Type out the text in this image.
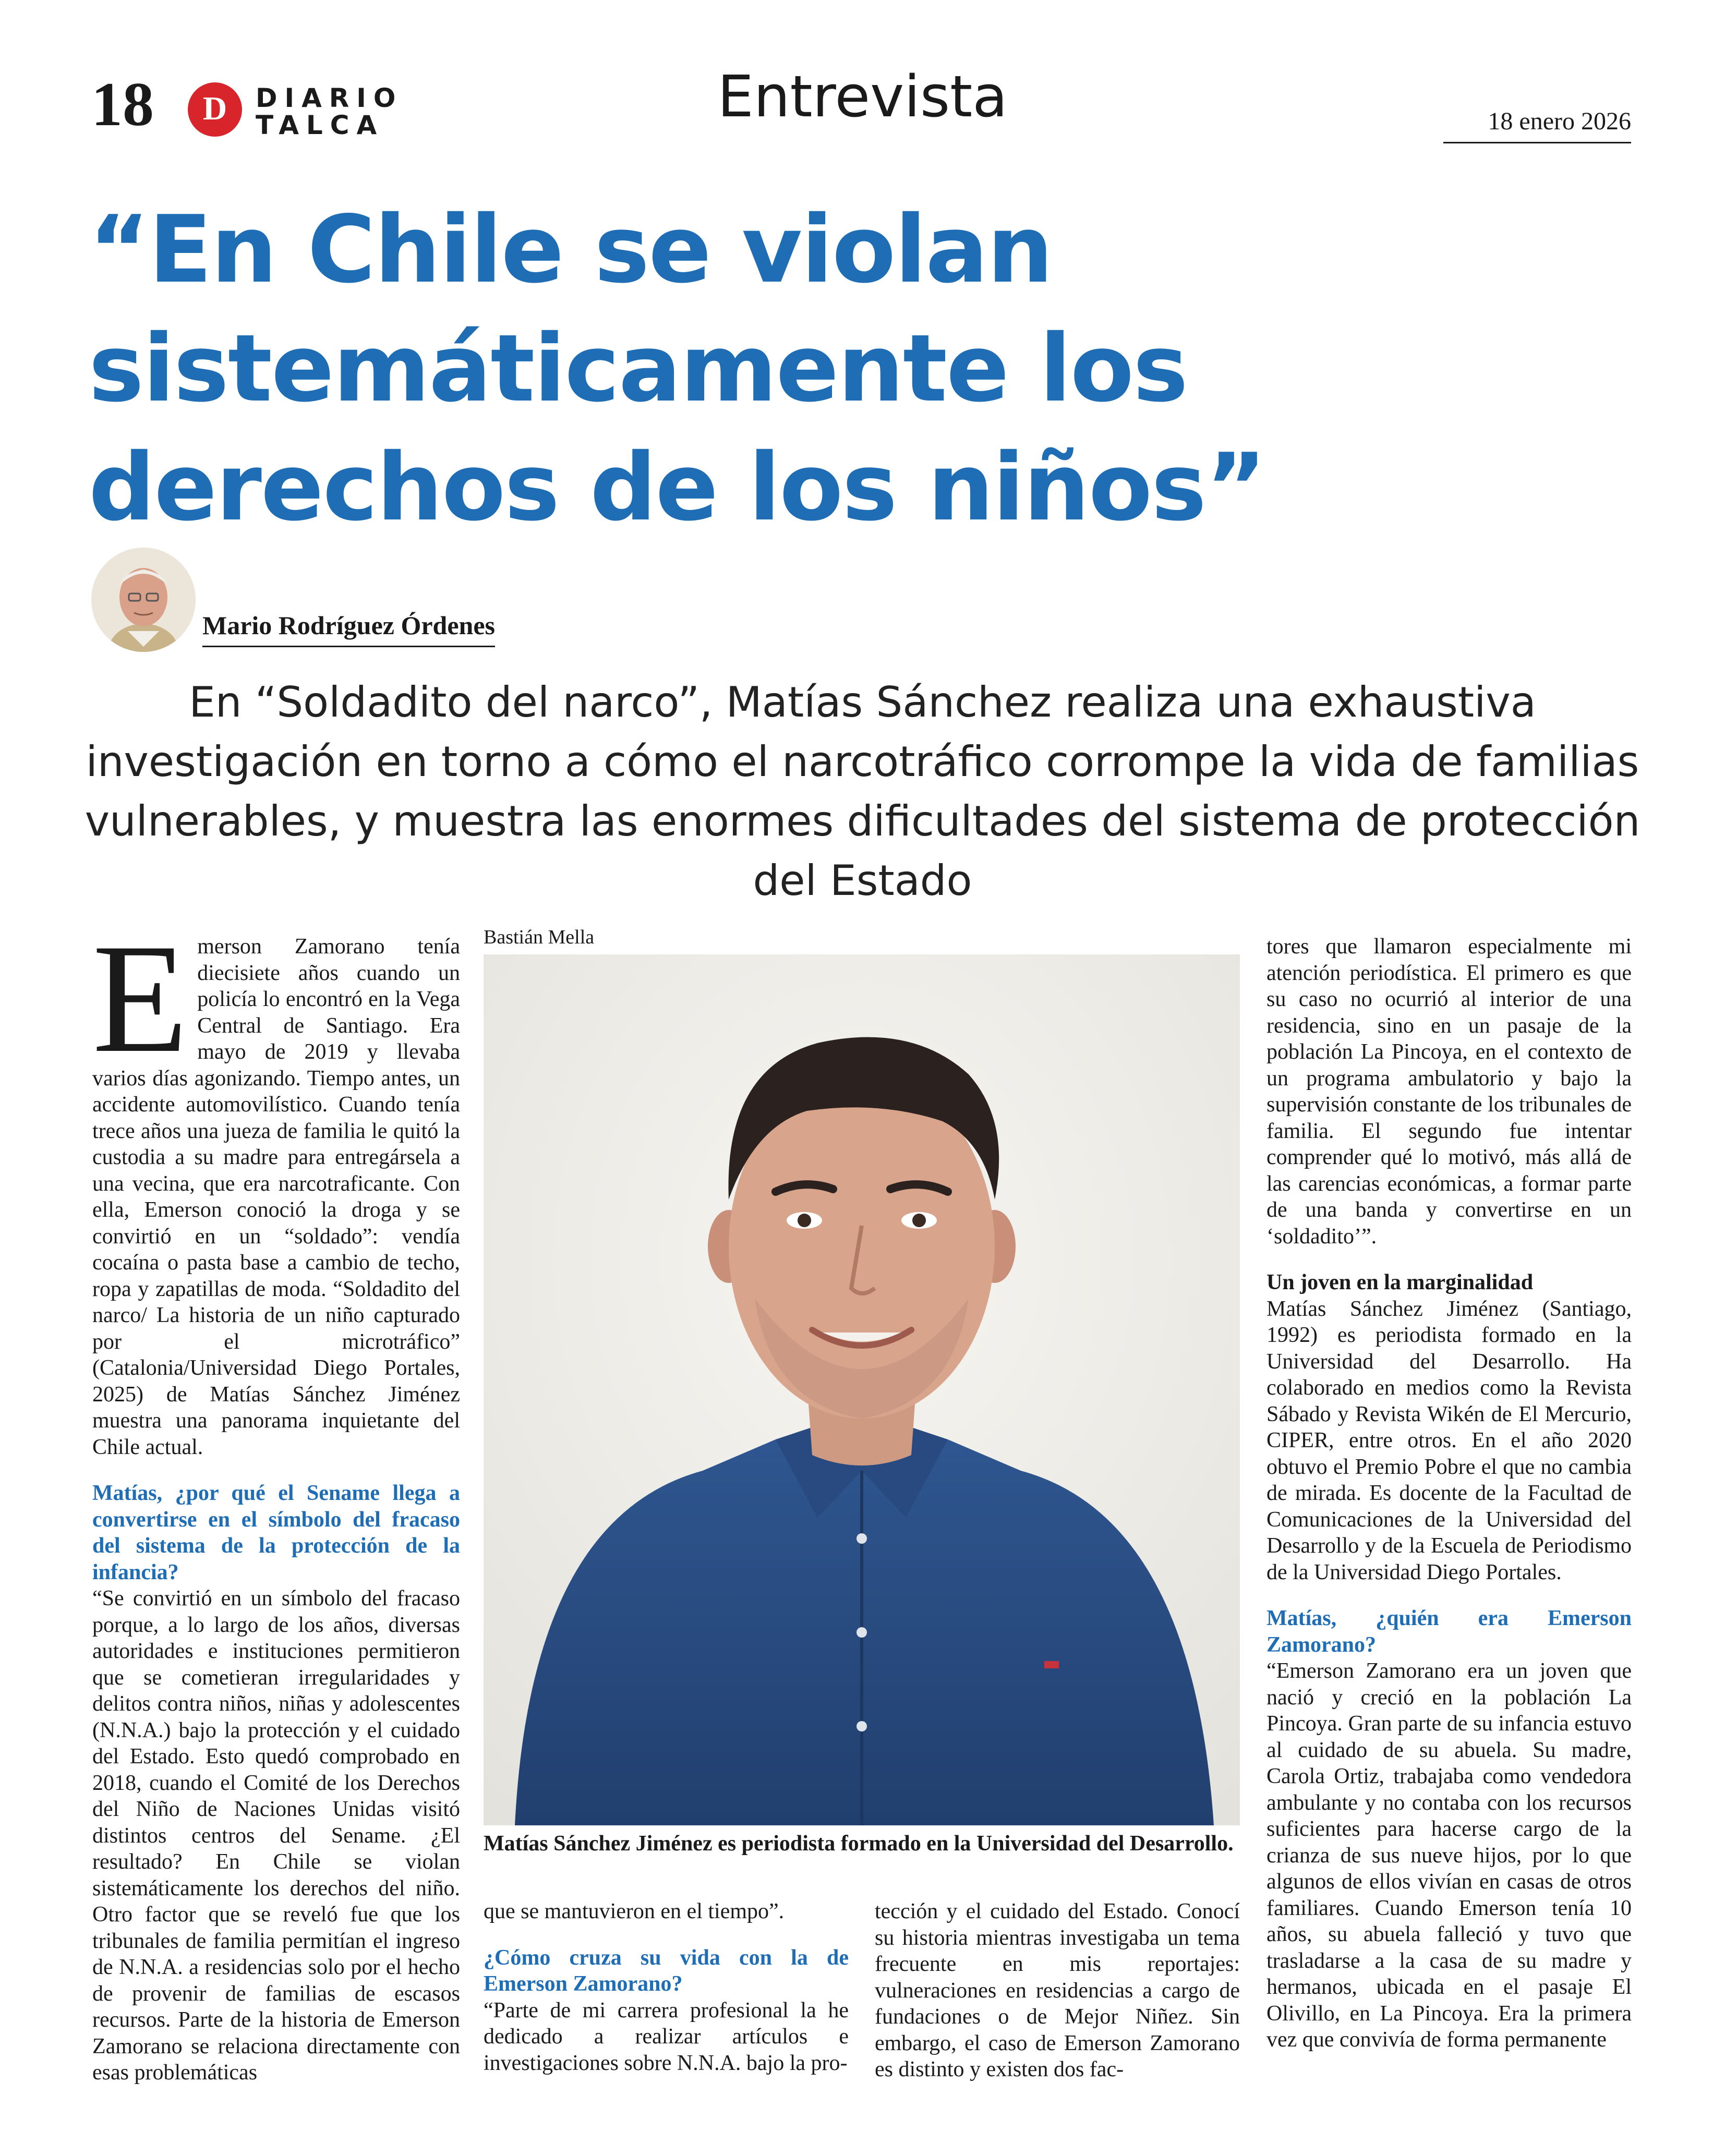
18	D	DIARIO
TALCA	Entrevista	18 enero 2026
“En Chile se violan sistemáticamente los derechos de los niños”
Mario Rodríguez Órdenes
En “Soldadito del narco”, Matías Sánchez realiza una exhaustiva investigación en torno a cómo el narcotráfico corrompe la vida de familias vulnerables, y muestra las enormes dificultades del sistema de protección del Estado
E merson Zamorano tenía diecisiete años cuando un policía lo encontró en la Vega Central de Santiago. Era mayo de 2019 y llevaba varios días agonizando. Tiempo antes, un accidente automovilístico. Cuando tenía trece años una jueza de familia le quitó la custodia a su madre para entregársela a una vecina, que era narcotraficante. Con ella, Emerson conoció la droga y se convirtió en un “soldado”: vendía cocaína o pasta base a cambio de techo, ropa y zapatillas de moda. “Soldadito del narco/ La historia de un niño capturado por el microtráfico” (Catalonia/Universidad Diego Portales, 2025) de Matías Sánchez Jiménez muestra una panorama inquietante del Chile actual.
Matías, ¿por qué el Sename llega a convertirse en el símbolo del fracaso del sistema de la protección de la infancia?
“Se convirtió en un símbolo del fracaso porque, a lo largo de los años, diversas autoridades e instituciones permitieron que se cometieran irregularidades y delitos contra niños, niñas y adolescentes (N.N.A.) bajo la protección y el cuidado del Estado. Esto quedó comprobado en 2018, cuando el Comité de los Derechos del Niño de Naciones Unidas visitó distintos centros del Sename. ¿El resultado? En Chile se violan sistemáticamente los derechos del niño. Otro factor que se reveló fue que los tribunales de familia permitían el ingreso de N.N.A. a residencias solo por el hecho de provenir de familias de escasos recursos. Parte de la historia de Emerson Zamorano se relaciona directamente con esas problemáticas
Bastián Mella
Matías Sánchez Jiménez es periodista formado en la Universidad del Desarrollo.
que se mantuvieron en el tiempo”.
¿Cómo cruza su vida con la de Emerson Zamorano?
“Parte de mi carrera profesional la he dedicado a realizar artículos e investigaciones sobre N.N.A. bajo la pro-
tección y el cuidado del Estado. Conocí su historia mientras investigaba un tema frecuente en mis reportajes: vulneraciones en residencias a cargo de fundaciones o de Mejor Niñez. Sin embargo, el caso de Emerson Zamorano es distinto y existen dos fac-
tores que llamaron especialmente mi atención periodística. El primero es que su caso no ocurrió al interior de una residencia, sino en un pasaje de la población La Pincoya, en el contexto de un programa ambulatorio y bajo la supervisión constante de los tribunales de familia. El segundo fue intentar comprender qué lo motivó, más allá de las carencias económicas, a formar parte de una banda y convertirse en un ‘soldadito’”.
Un joven en la marginalidad
Matías Sánchez Jiménez (Santiago, 1992) es periodista formado en la Universidad del Desarrollo. Ha colaborado en medios como la Revista Sábado y Revista Wikén de El Mercurio, CIPER, entre otros. En el año 2020 obtuvo el Premio Pobre el que no cambia de mirada. Es docente de la Facultad de Comunicaciones de la Universidad del Desarrollo y de la Escuela de Periodismo de la Universidad Diego Portales.
Matías, ¿quién era Emerson Zamorano?
“Emerson Zamorano era un joven que nació y creció en la población La Pincoya. Gran parte de su infancia estuvo al cuidado de su abuela. Su madre, Carola Ortiz, trabajaba como vendedora ambulante y no contaba con los recursos suficientes para hacerse cargo de la crianza de sus nueve hijos, por lo que algunos de ellos vivían en casas de otros familiares. Cuando Emerson tenía 10 años, su abuela falleció y tuvo que trasladarse a la casa de su madre y hermanos, ubicada en el pasaje El Olivillo, en La Pincoya. Era la primera vez que convivía de forma permanente
